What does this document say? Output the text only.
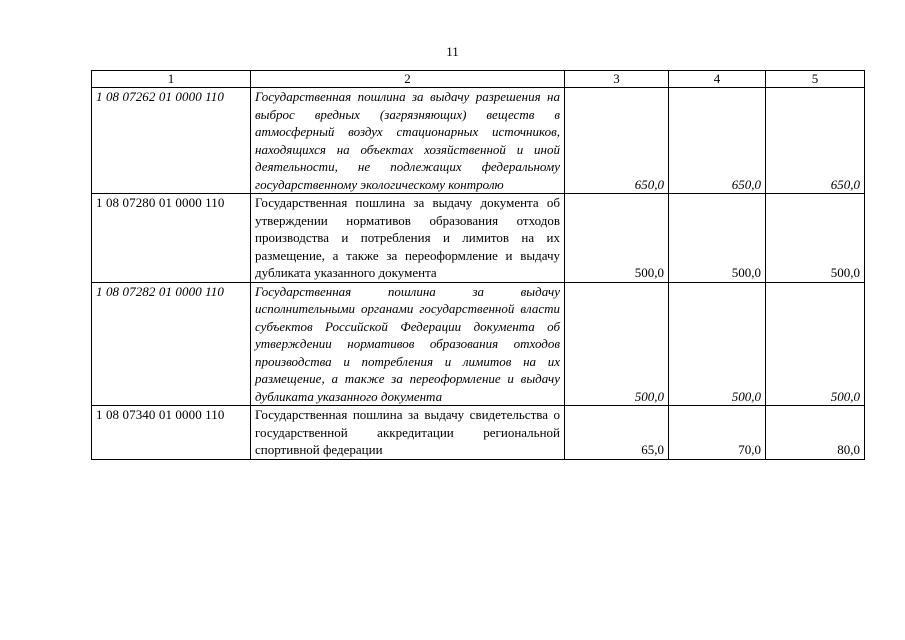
11
1	2	3	4	5
1 08 07262 01 0000 110	Государственная пошлина за выдачу разрешения на выброс вредных (загрязняющих) веществ в атмосферный воздух стационарных источников, находящихся на объектах хозяйственной и иной деятельности, не подлежащих федеральному государственному экологическому контролю	650,0	650,0	650,0
1 08 07280 01 0000 110	Государственная пошлина за выдачу документа об утверждении нормативов образования отходов производства и потребления и лимитов на их размещение, а также за переоформление и выдачу дубликата указанного документа	500,0	500,0	500,0
1 08 07282 01 0000 110	Государственная пошлина за выдачу исполнительными органами государственной власти субъектов Российской Федерации документа об утверждении нормативов образования отходов производства и потребления и лимитов на их размещение, а также за переоформление и выдачу дубликата указанного документа	500,0	500,0	500,0
1 08 07340 01 0000 110	Государственная пошлина за выдачу свидетельства о государственной аккредитации региональной спортивной федерации	65,0	70,0	80,0
